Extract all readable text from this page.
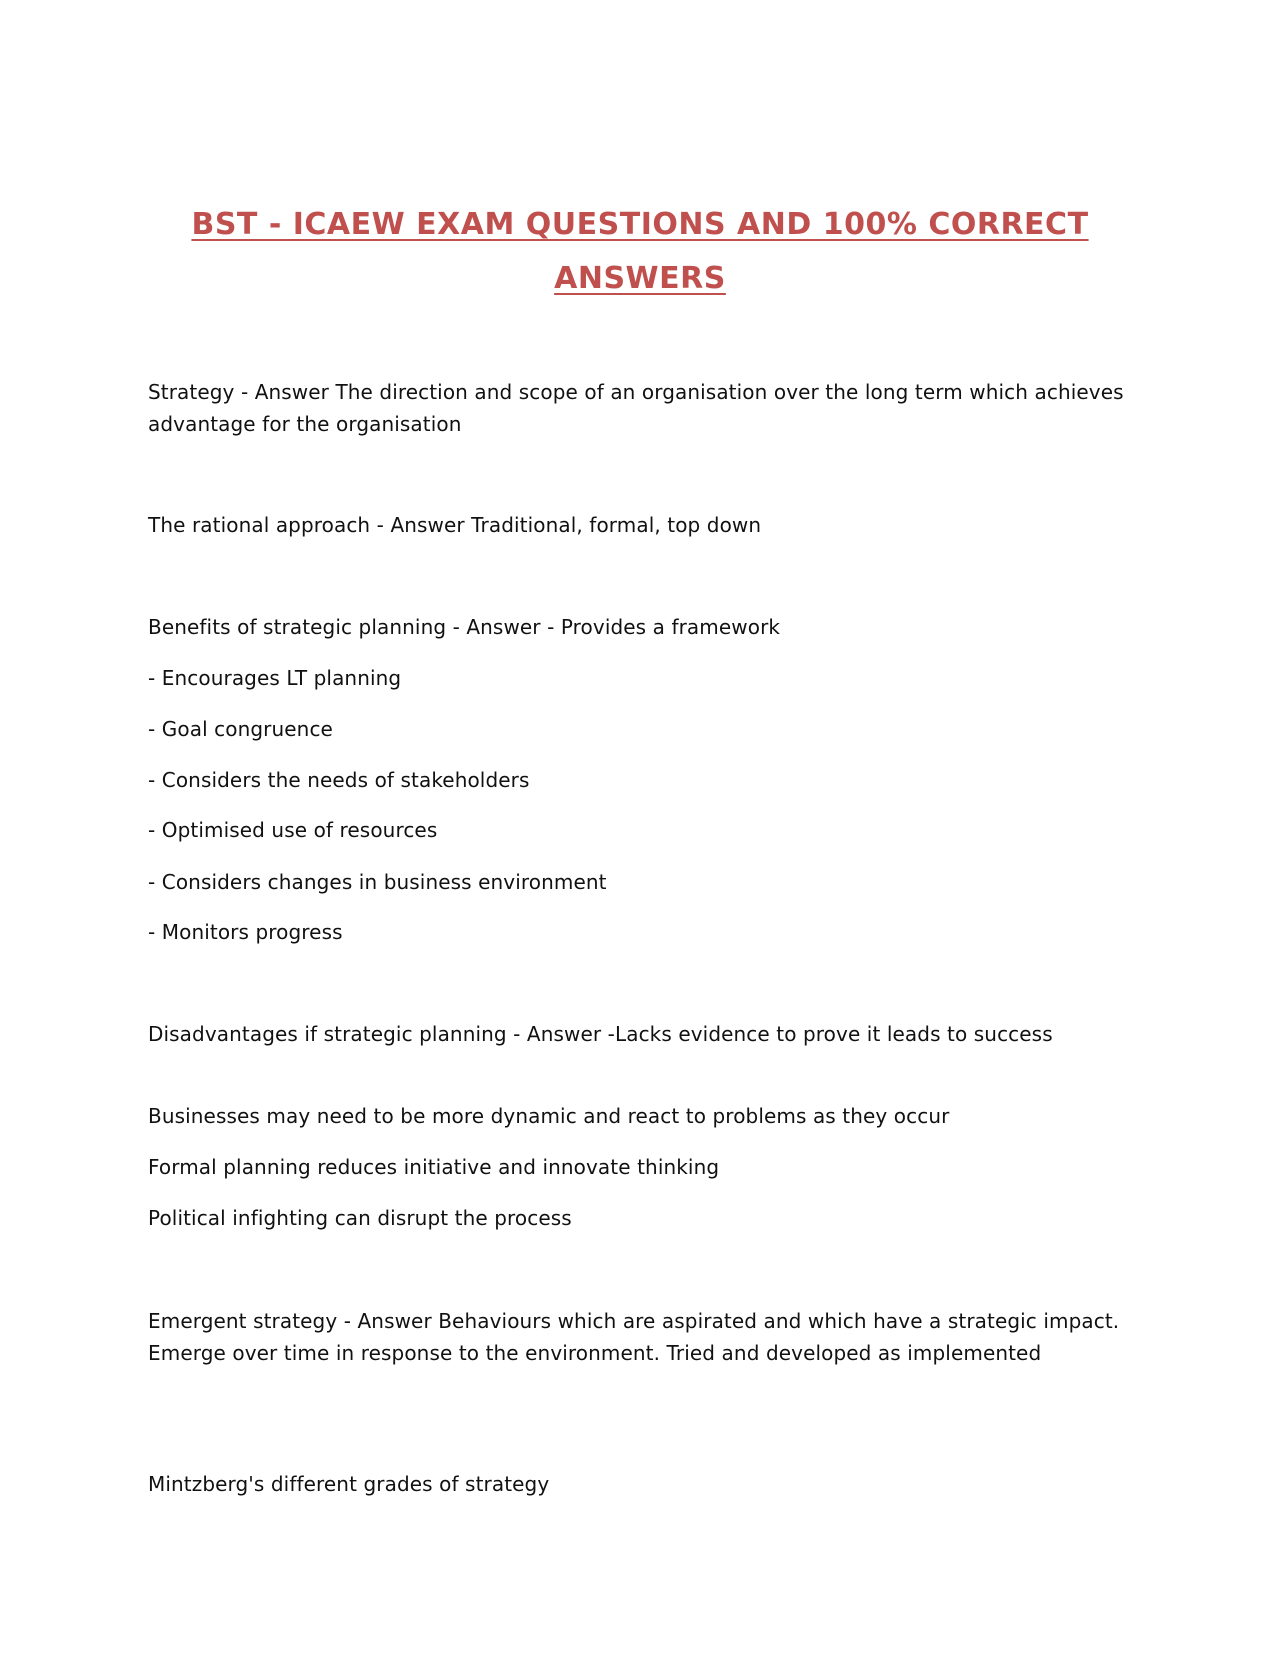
BST - ICAEW EXAM QUESTIONS AND 100% CORRECT
ANSWERS
Strategy - Answer The direction and scope of an organisation over the long term which achieves advantage for the organisation
The rational approach - Answer Traditional, formal, top down
Benefits of strategic planning - Answer - Provides a framework
- Encourages LT planning
- Goal congruence
- Considers the needs of stakeholders
- Optimised use of resources
- Considers changes in business environment
- Monitors progress
Disadvantages if strategic planning - Answer -Lacks evidence to prove it leads to success
Businesses may need to be more dynamic and react to problems as they occur
Formal planning reduces initiative and innovate thinking
Political infighting can disrupt the process
Emergent strategy - Answer Behaviours which are aspirated and which have a strategic impact. Emerge over time in response to the environment. Tried and developed as implemented
Mintzberg's different grades of strategy
